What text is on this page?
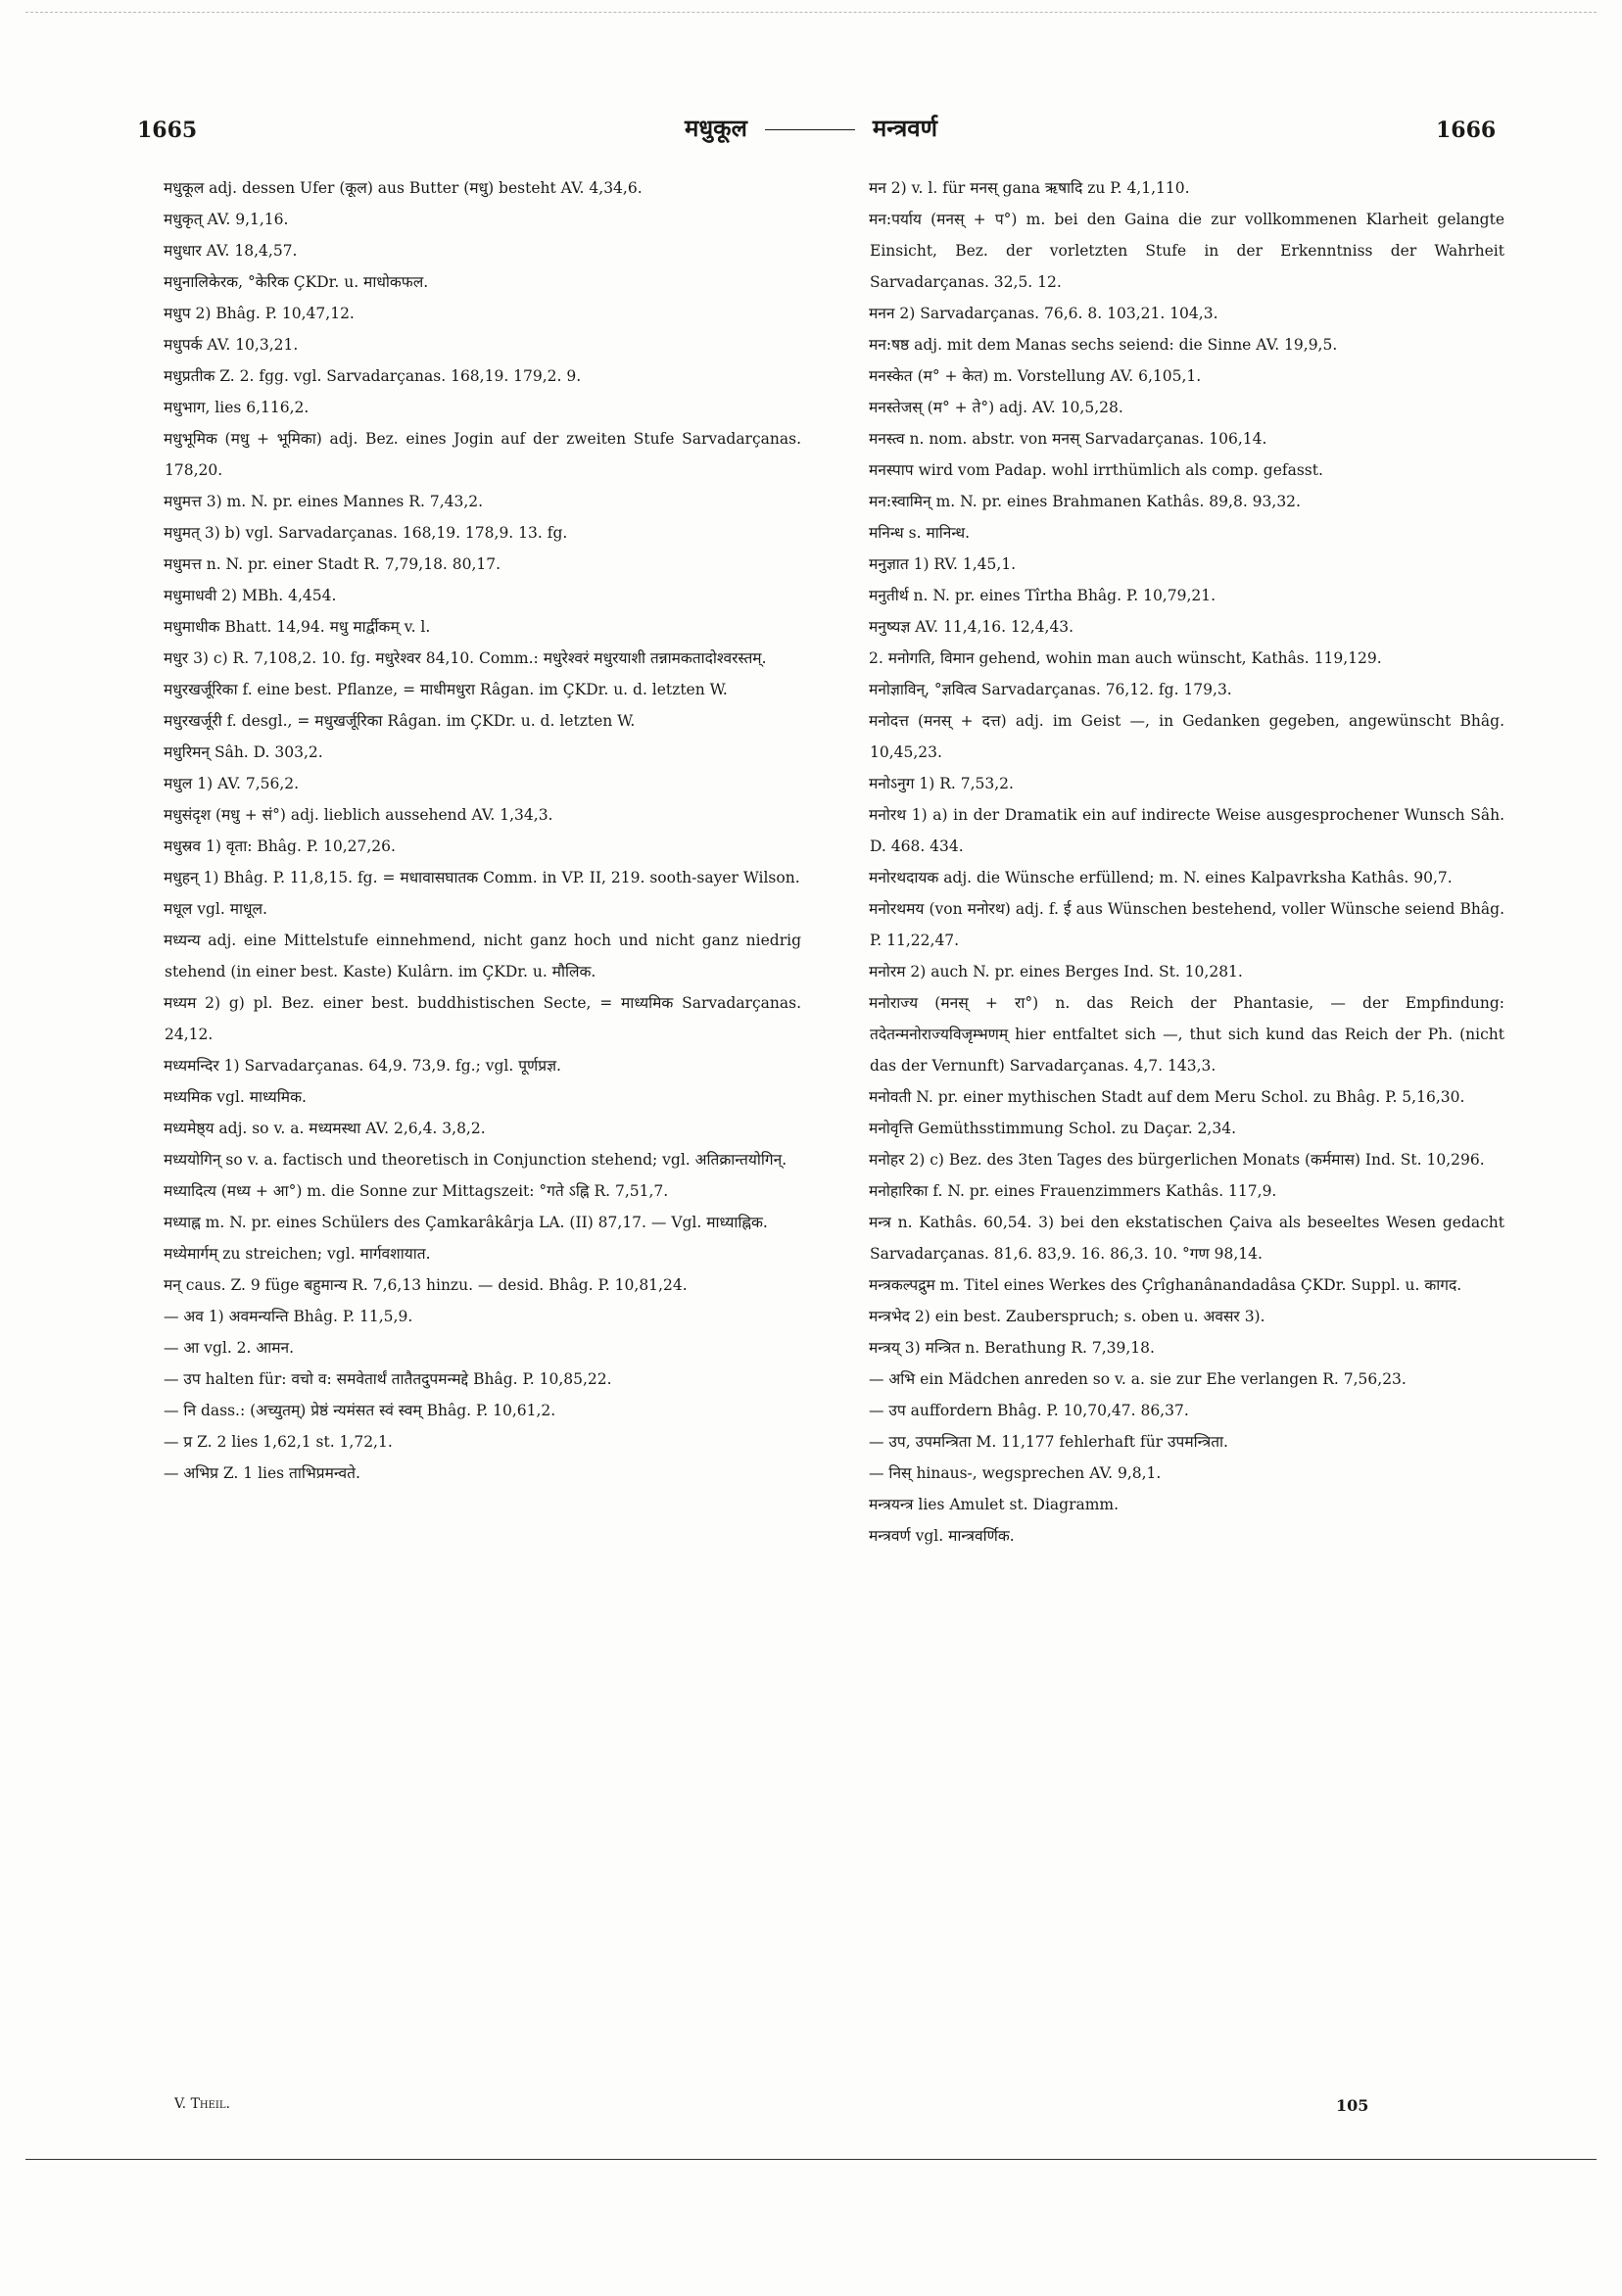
1665	मधुकूल	मन्त्रवर्ण	1666

मधुकूल adj. dessen Ufer (कूल) aus Butter (मधु) besteht AV. 4,34,6.

मधुकृत् AV. 9,1,16.

मधुधार AV. 18,4,57.

मधुनालिकेरक, °केरिक ÇKDr. u. माधोकफल.

मधुप 2) Bhâg. P. 10,47,12.

मधुपर्क AV. 10,3,21.

मधुप्रतीक Z. 2. fgg. vgl. Sarvadarçanas. 168,19. 179,2. 9.

मधुभाग, lies 6,116,2.

मधुभूमिक (मधु + भूमिका) adj. Bez. eines Jogin auf der zweiten Stufe Sarvadarçanas. 178,20.

मधुमत्त 3) m. N. pr. eines Mannes R. 7,43,2.

मधुमत् 3) b) vgl. Sarvadarçanas. 168,19. 178,9. 13. fg.

मधुमत्त n. N. pr. einer Stadt R. 7,79,18. 80,17.

मधुमाधवी 2) MBh. 4,454.

मधुमाधीक Bhatt. 14,94. मधु मार्द्वीकम् v. l.

मधुर 3) c) R. 7,108,2. 10. fg. मधुरेश्वर 84,10. Comm.: मधुरेश्वरं मधुरयाशी तन्नामकतादोश्वरस्तम्.

मधुरखर्जूरिका f. eine best. Pflanze, = माधीमधुरा Râgan. im ÇKDr. u. d. letzten W.

मधुरखर्जूरी f. desgl., = मधुखर्जूरिका Râgan. im ÇKDr. u. d. letzten W.

मधुरिमन् Sâh. D. 303,2.

मधुल 1) AV. 7,56,2.

मधुसंदृश (मधु + सं°) adj. lieblich aussehend AV. 1,34,3.

मधुस्रव 1) वृता: Bhâg. P. 10,27,26.

मधुहन् 1) Bhâg. P. 11,8,15. fg. = मधावासघातक Comm. in VP. II, 219. sooth-sayer Wilson.

मधूल vgl. माधूल.

मध्यन्य adj. eine Mittelstufe einnehmend, nicht ganz hoch und nicht ganz niedrig stehend (in einer best. Kaste) Kulârn. im ÇKDr. u. मौलिक.

मध्यम 2) g) pl. Bez. einer best. buddhistischen Secte, = माध्यमिक Sarvadarçanas. 24,12.

मध्यमन्दिर 1) Sarvadarçanas. 64,9. 73,9. fg.; vgl. पूर्णप्रज्ञ.

मध्यमिक vgl. माध्यमिक.

मध्यमेष्ठ्य adj. so v. a. मध्यमस्था AV. 2,6,4. 3,8,2.

मध्ययोगिन् so v. a. factisch und theoretisch in Conjunction stehend; vgl. अतिक्रान्तयोगिन्.

मध्यादित्य (मध्य + आ°) m. die Sonne zur Mittagszeit: °गते ऽह्नि R. 7,51,7.

मध्याह्न m. N. pr. eines Schülers des Çamkarâkârja LA. (II) 87,17. — Vgl. माध्याह्निक.

मध्येमार्गम् zu streichen; vgl. मार्गवशायात.

मन् caus. Z. 9 füge बहुमान्य R. 7,6,13 hinzu. — desid. Bhâg. P. 10,81,24.

— अव 1) अवमन्यन्ति Bhâg. P. 11,5,9.

— आ vgl. 2. आमन.

— उप halten für: वचो व: समवेतार्थं तातैतदुपमन्मद्दे Bhâg. P. 10,85,22.

— नि dass.: (अच्युतम्) प्रेष्ठं न्यमंसत स्वं स्वम् Bhâg. P. 10,61,2.

— प्र Z. 2 lies 1,62,1 st. 1,72,1.

— अभिप्र Z. 1 lies ताभिप्रमन्वते.

मन 2) v. l. für मनस् gana ऋषादि zu P. 4,1,110.

मन:पर्याय (मनस् + प°) m. bei den Gaina die zur vollkommenen Klarheit gelangte Einsicht, Bez. der vorletzten Stufe in der Erkenntniss der Wahrheit Sarvadarçanas. 32,5. 12.

मनन 2) Sarvadarçanas. 76,6. 8. 103,21. 104,3.

मन:षष्ठ adj. mit dem Manas sechs seiend: die Sinne AV. 19,9,5.

मनस्केत (म° + केत) m. Vorstellung AV. 6,105,1.

मनस्तेजस् (म° + ते°) adj. AV. 10,5,28.

मनस्त्व n. nom. abstr. von मनस् Sarvadarçanas. 106,14.

मनस्पाप wird vom Padap. wohl irrthümlich als comp. gefasst.

मन:स्वामिन् m. N. pr. eines Brahmanen Kathâs. 89,8. 93,32.

मनिन्ध s. मानिन्ध.

मनुज्ञात 1) RV. 1,45,1.

मनुतीर्थ n. N. pr. eines Tîrtha Bhâg. P. 10,79,21.

मनुष्यज्ञ AV. 11,4,16. 12,4,43.

2. मनोगति, विमान gehend, wohin man auch wünscht, Kathâs. 119,129.

मनोज्ञाविन्, °ज्ञवित्व Sarvadarçanas. 76,12. fg. 179,3.

मनोदत्त (मनस् + दत्त) adj. im Geist —, in Gedanken gegeben, angewünscht Bhâg. 10,45,23.

मनोऽनुग 1) R. 7,53,2.

मनोरथ 1) a) in der Dramatik ein auf indirecte Weise ausgesprochener Wunsch Sâh. D. 468. 434.

मनोरथदायक adj. die Wünsche erfüllend; m. N. eines Kalpavrksha Kathâs. 90,7.

मनोरथमय (von मनोरथ) adj. f. ई aus Wünschen bestehend, voller Wünsche seiend Bhâg. P. 11,22,47.

मनोरम 2) auch N. pr. eines Berges Ind. St. 10,281.

मनोराज्य (मनस् + रा°) n. das Reich der Phantasie, — der Empfindung: तदेतन्मनोराज्यविजृम्भणम् hier entfaltet sich —, thut sich kund das Reich der Ph. (nicht das der Vernunft) Sarvadarçanas. 4,7. 143,3.

मनोवती N. pr. einer mythischen Stadt auf dem Meru Schol. zu Bhâg. P. 5,16,30.

मनोवृत्ति Gemüthsstimmung Schol. zu Daçar. 2,34.

मनोहर 2) c) Bez. des 3ten Tages des bürgerlichen Monats (कर्ममास) Ind. St. 10,296.

मनोहारिका f. N. pr. eines Frauenzimmers Kathâs. 117,9.

मन्त्र n. Kathâs. 60,54. 3) bei den ekstatischen Çaiva als beseeltes Wesen gedacht Sarvadarçanas. 81,6. 83,9. 16. 86,3. 10. °गण 98,14.

मन्त्रकल्पद्रुम m. Titel eines Werkes des Çrîghanânandadâsa ÇKDr. Suppl. u. कागद.

मन्त्रभेद 2) ein best. Zauberspruch; s. oben u. अवसर 3).

मन्त्रय् 3) मन्त्रित n. Berathung R. 7,39,18.

— अभि ein Mädchen anreden so v. a. sie zur Ehe verlangen R. 7,56,23.

— उप auffordern Bhâg. P. 10,70,47. 86,37.

— उप, उपमन्त्रिता M. 11,177 fehlerhaft für उपमन्त्रिता.

— निस् hinaus-, wegsprechen AV. 9,8,1.

मन्त्रयन्त्र lies Amulet st. Diagramm.

मन्त्रवर्ण vgl. मान्त्रवर्णिक.

V. Theil.	105
